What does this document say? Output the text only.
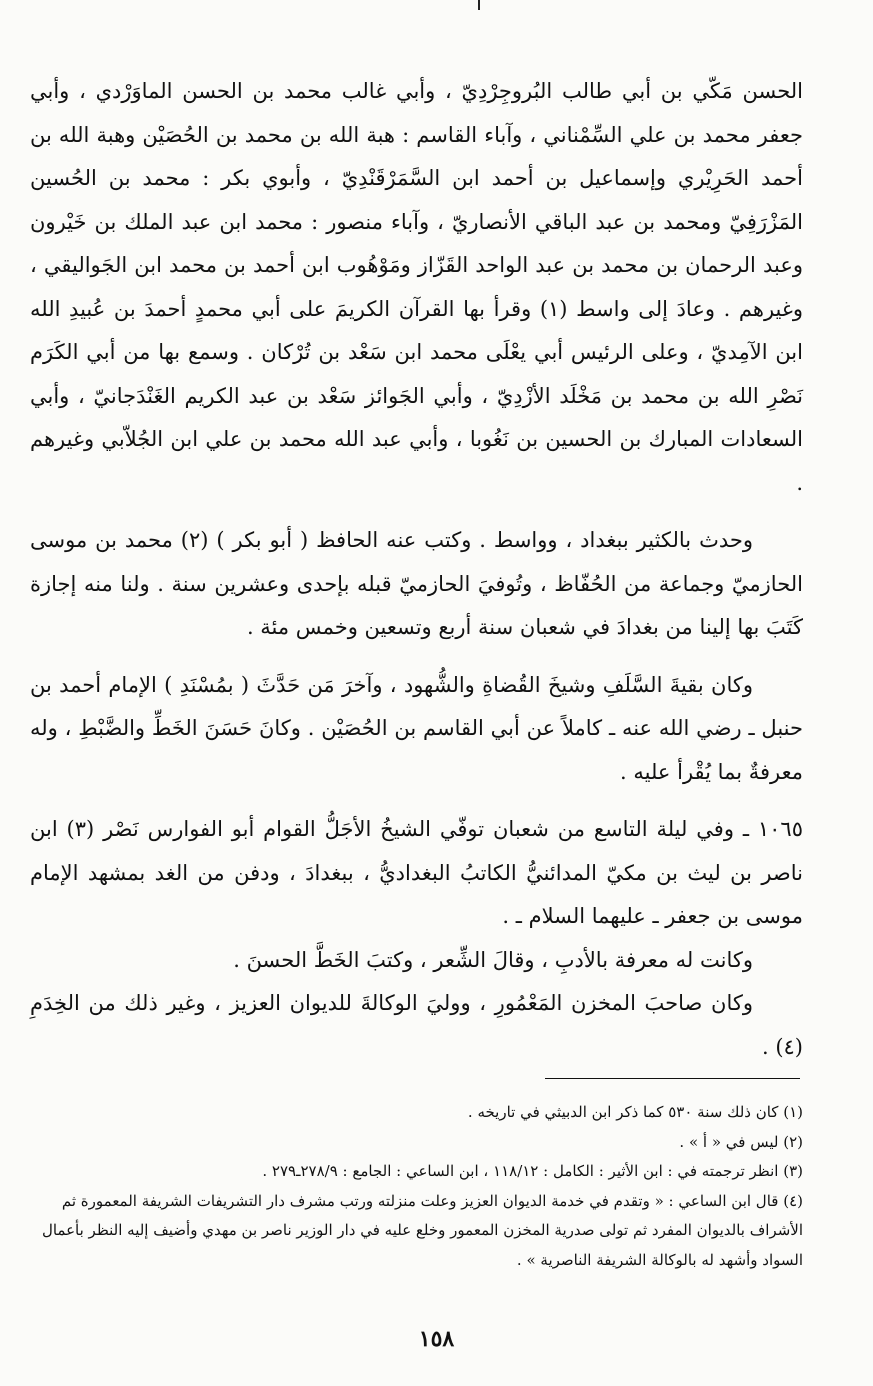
الحسن مَكّي بن أبي طالب البُروجِرْدِيّ ، وأبي غالب محمد بن الحسن الماوَرْدي ، وأبي جعفر محمد بن علي السِّمْناني ، وآباء القاسم : هبة الله بن محمد بن الحُصَيْن وهبة الله بن أحمد الحَرِيْري وإسماعيل بن أحمد ابن السَّمَرْقَنْدِيّ ، وأبوي بكر : محمد بن الحُسين المَزْرَفِيّ ومحمد بن عبد الباقي الأنصاريّ ، وآباء منصور : محمد ابن عبد الملك بن خَيْرون وعبد الرحمان بن محمد بن عبد الواحد القَزّاز ومَوْهُوب ابن أحمد بن محمد ابن الجَواليقي ، وغيرهم . وعادَ إلى واسط (١) وقرأ بها القرآن الكريمَ على أبي محمدٍ أحمدَ بن عُبيدِ الله ابن الآمِديّ ، وعلى الرئيس أبي يعْلَى محمد ابن سَعْد بن تُرْكان . وسمع بها من أبي الكَرَم نَصْرِ الله بن محمد بن مَخْلَد الأزْدِيّ ، وأبي الجَوائز سَعْد بن عبد الكريم الغَنْدَجانيّ ، وأبي السعادات المبارك بن الحسين بن نَغُوبا ، وأبي عبد الله محمد بن علي ابن الجُلاّبي وغيرهم .

وحدث بالكثير ببغداد ، وواسط . وكتب عنه الحافظ ( أبو بكر ) (٢) محمد بن موسى الحازميّ وجماعة من الحُفّاظ ، وتُوفيَ الحازميّ قبله بإحدى وعشرين سنة . ولنا منه إجازة كَتَبَ بها إلينا من بغدادَ في شعبان سنة أربع وتسعين وخمس مئة .

وكان بقيةَ السَّلَفِ وشيخَ القُضاةِ والشُّهود ، وآخرَ مَن حَدَّثَ ( بمُسْنَدِ ) الإمام أحمد بن حنبل ـ رضي الله عنه ـ كاملاً عن أبي القاسم بن الحُصَيْن . وكانَ حَسَنَ الخَطِّ والضَّبْطِ ، وله معرفةٌ بما يُقْرأ عليه .

١٠٦٥ ـ وفي ليلة التاسع من شعبان توفّي الشيخُ الأجَلُّ القوام أبو الفوارس نَصْر (٣) ابن ناصر بن ليث بن مكيّ المدائنيُّ الكاتبُ البغداديُّ ، ببغدادَ ، ودفن من الغد بمشهد الإمام موسى بن جعفر ـ عليهما السلام ـ .

وكانت له معرفة بالأدبِ ، وقالَ الشِّعر ، وكتبَ الخَطَّ الحسنَ .

وكان صاحبَ المخزن المَعْمُورِ ، ووليَ الوكالةَ للديوان العزيز ، وغير ذلك من الخِدَمِ (٤) .

(١) كان ذلك سنة ٥٣٠ كما ذكر ابن الدبيثي في تاريخه .

(٢) ليس في « أ » .

(٣) انظر ترجمته في : ابن الأثير : الكامل : ١١٨/١٢ ، ابن الساعي : الجامع : ٢٧٨/٩ـ٢٧٩ .

(٤) قال ابن الساعي : « وتقدم في خدمة الديوان العزيز وعلت منزلته ورتب مشرف دار التشريفات الشريفة المعمورة ثم الأشراف بالديوان المفرد ثم تولى صدرية المخزن المعمور وخلع عليه في دار الوزير ناصر بن مهدي وأضيف إليه النظر بأعمال السواد وأشهد له بالوكالة الشريفة الناصرية » .

١٥٨
